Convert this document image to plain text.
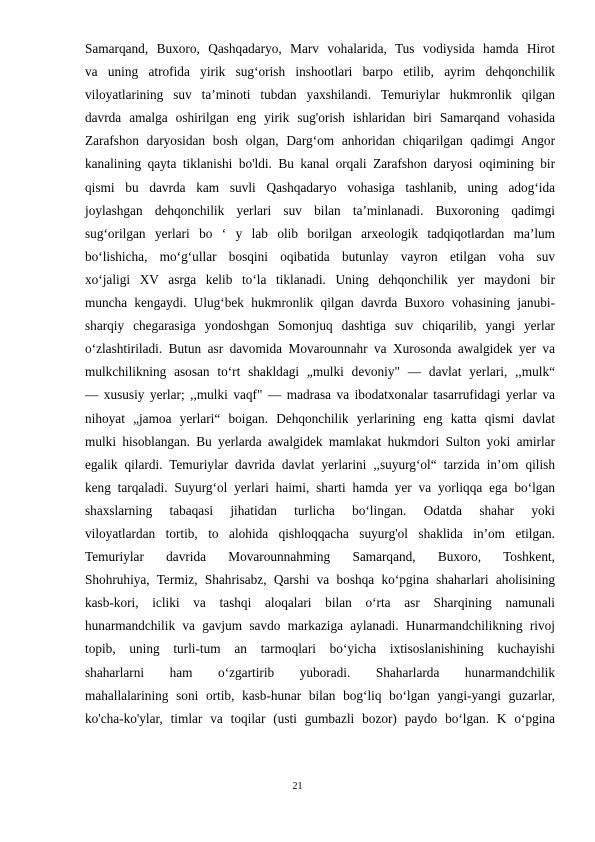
Samarqand, Buxoro, Qashqadaryo, Marv vohalarida, Tus vodiysida hamda Hirot
va uning atrofida yirik sug‘orish inshootlari barpo etilib, ayrim dehqonchilik
viloyatlarining suv ta’minoti tubdan yaxshilandi. Temuriylar hukmronlik qilgan
davrda amalga oshirilgan eng yirik sug'orish ishlaridan biri Samarqand vohasida
Zarafshon daryosidan bosh olgan, Darg‘om anhoridan chiqarilgan qadimgi Angor
kanalining qayta tiklanishi bo'ldi. Bu kanal orqali Zarafshon daryosi oqimining bir
qismi bu davrda kam suvli Qashqadaryo vohasiga tashlanib, uning adog‘ida
joylashgan dehqonchilik yerlari suv bilan ta’minlanadi. Buxoroning qadimgi
sug‘orilgan yerlari bo ‘ y lab olib borilgan arxeologik tadqiqotlardan ma’lum
bo‘lishicha, mo‘g‘ullar bosqini oqibatida butunlay vayron etilgan voha suv
xo‘jaligi XV asrga kelib to‘la tiklanadi. Uning dehqonchilik yer maydoni bir
muncha kengaydi. Ulug‘bek hukmronlik qilgan davrda Buxoro vohasining janubi-
sharqiy chegarasiga yondoshgan Somonjuq dashtiga suv chiqarilib, yangi yerlar
o‘zlashtiriladi. Butun asr davomida Movarounnahr va Xurosonda awalgidek yer va
mulkchilikning asosan to‘rt shakldagi „mulki devoniy" — davlat yerlari, ,,mulk“
— xususiy yerlar; ,,mulki vaqf" — madrasa va ibodatxonalar tasarrufidagi yerlar va
nihoyat „jamoa yerlari“ boigan. Dehqonchilik yerlarining eng katta qismi davlat
mulki hisoblangan. Bu yerlarda awalgidek mamlakat hukmdori Sulton yoki amirlar
egalik qilardi. Temuriylar davrida davlat yerlarini ,,suyurg‘ol“ tarzida in’om qilish
keng tarqaladi. Suyurg‘ol yerlari haimi, sharti hamda yer va yorliqqa ega bo‘lgan
shaxslarning tabaqasi jihatidan turlicha bo‘lingan. Odatda shahar yoki
viloyatlardan tortib, to alohida qishloqqacha suyurg'ol shaklida in’om etilgan.
Temuriylar davrida Movarounnahming Samarqand, Buxoro, Toshkent,
Shohruhiya, Termiz, Shahrisabz, Qarshi va boshqa ko‘pgina shaharlari aholisining
kasb-kori, icliki va tashqi aloqalari bilan o‘rta asr Sharqining namunali
hunarmandchilik va gavjum savdo markaziga aylanadi. Hunarmandchilikning rivoj
topib, uning turli-tum an tarmoqlari bo‘yicha ixtisoslanishining kuchayishi
shaharlarni ham o‘zgartirib yuboradi. Shaharlarda hunarmandchilik
mahallalarining soni ortib, kasb-hunar bilan bog‘liq bo‘lgan yangi-yangi guzarlar,
ko'cha-ko'ylar, timlar va toqilar (usti gumbazli bozor) paydo bo‘lgan. K o‘pgina
21
